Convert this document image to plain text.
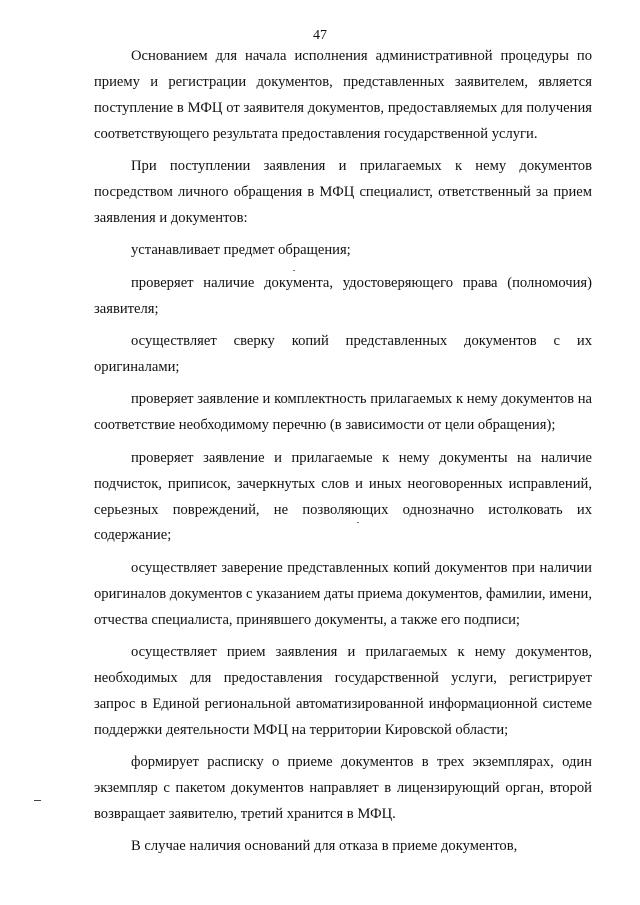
47

Основанием для начала исполнения административной процедуры по приему и регистрации документов, представленных заявителем, является поступление в МФЦ от заявителя документов, предоставляемых для получения соответствующего результата предоставления государственной услуги.

При поступлении заявления и прилагаемых к нему документов посредством личного обращения в МФЦ специалист, ответственный за прием заявления и документов:

устанавливает предмет обращения;

проверяет наличие документа, удостоверяющего права (полномочия) заявителя;

осуществляет сверку копий представленных документов с их оригиналами;

проверяет заявление и комплектность прилагаемых к нему документов на соответствие необходимому перечню (в зависимости от цели обращения);

проверяет заявление и прилагаемые к нему документы на наличие подчисток, приписок, зачеркнутых слов и иных неоговоренных исправлений, серьезных повреждений, не позволяющих однозначно истолковать их содержание;

осуществляет заверение представленных копий документов при наличии оригиналов документов с указанием даты приема документов, фамилии, имени, отчества специалиста, принявшего документы, а также его подписи;

осуществляет прием заявления и прилагаемых к нему документов, необходимых для предоставления государственной услуги, регистрирует запрос в Единой региональной автоматизированной информационной системе поддержки деятельности МФЦ на территории Кировской области;

формирует расписку о приеме документов в трех экземплярах, один экземпляр с пакетом документов направляет в лицензирующий орган, второй возвращает заявителю, третий хранится в МФЦ.

В случае наличия оснований для отказа в приеме документов,
